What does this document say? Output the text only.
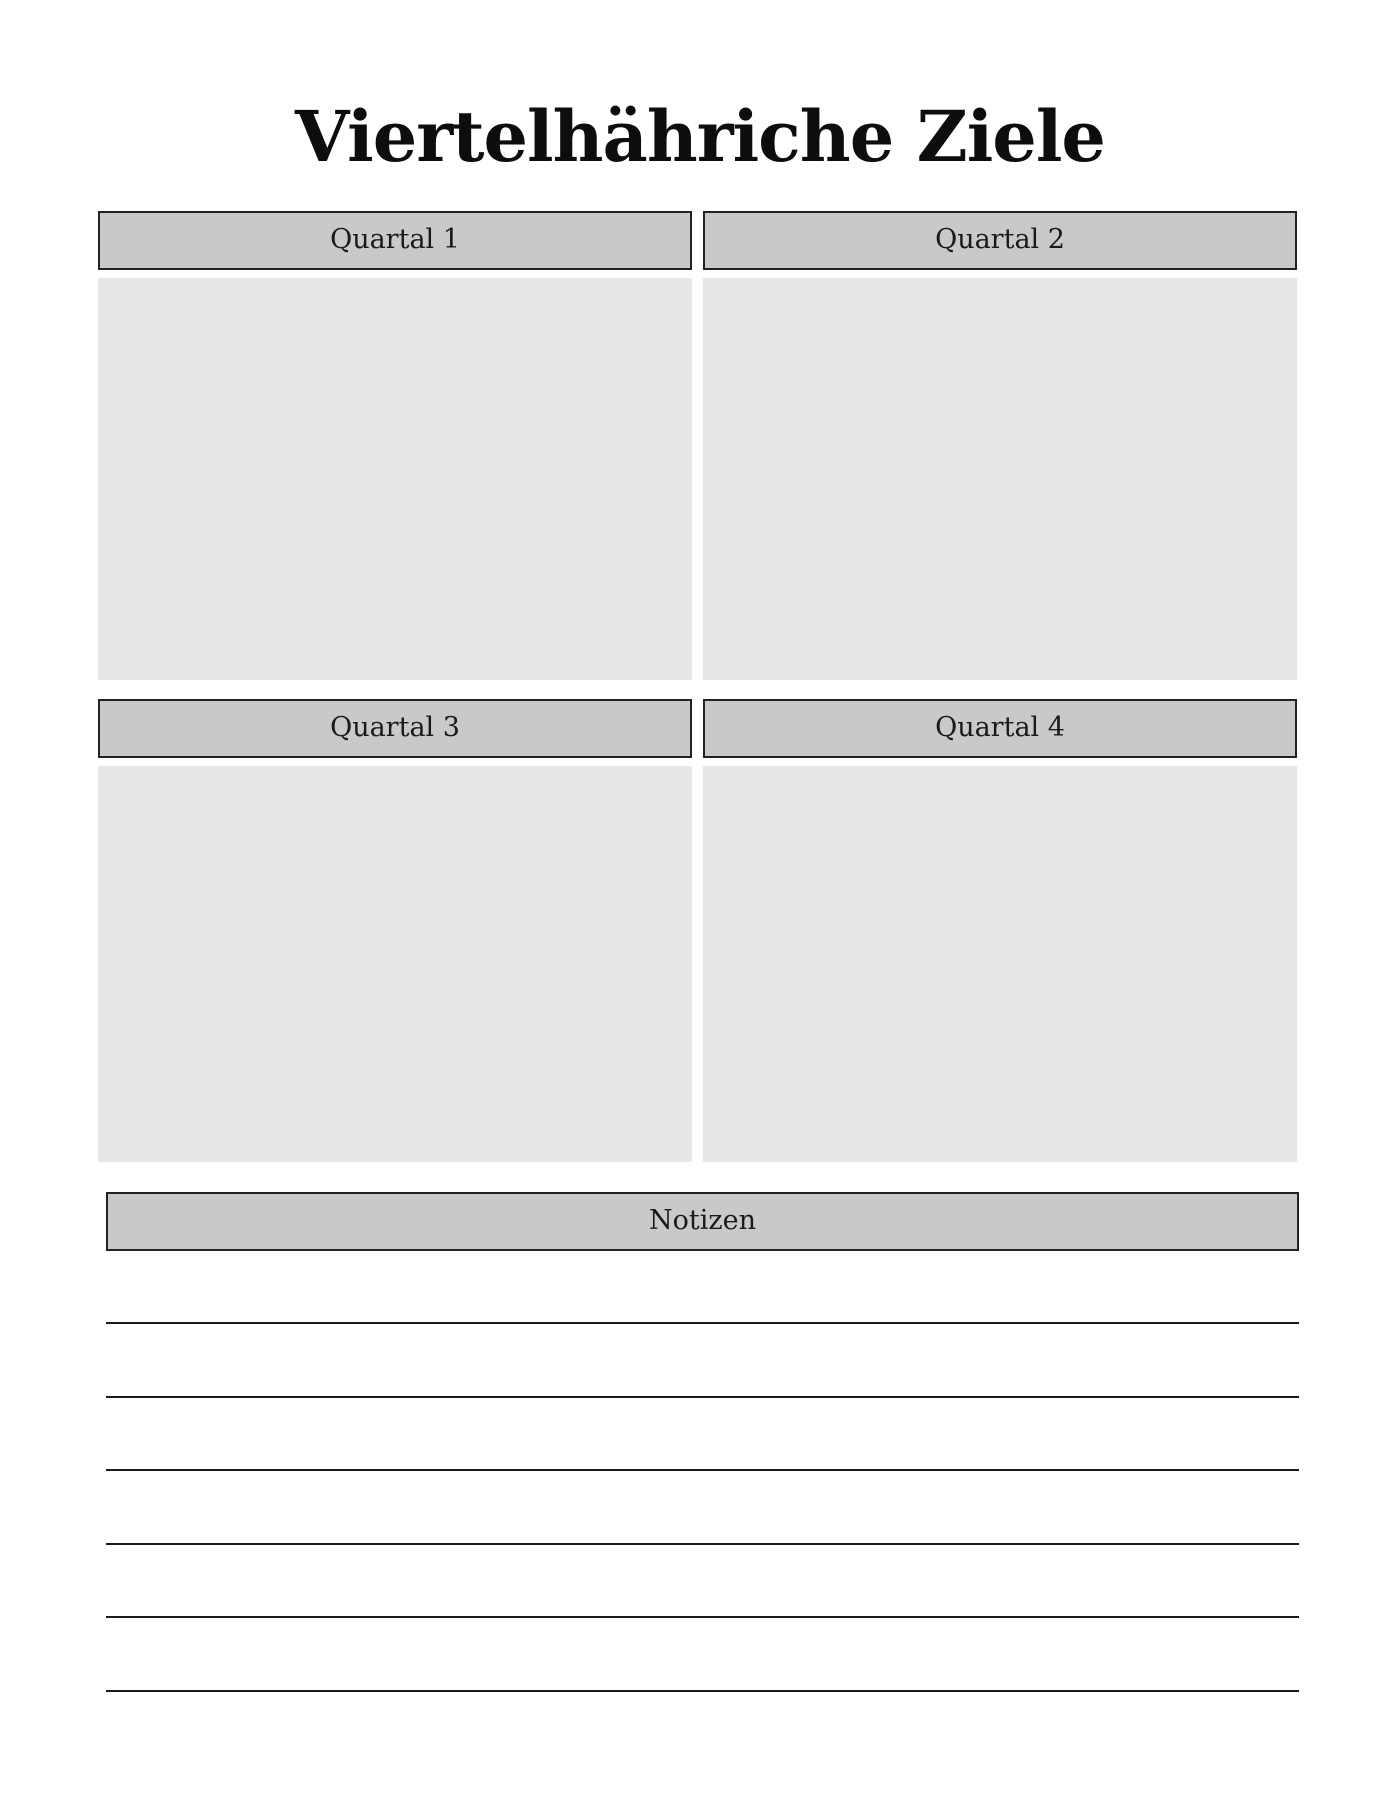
Viertelhähriche Ziele
Quartal 1	Quartal 2
Quartal 3	Quartal 4
Notizen
